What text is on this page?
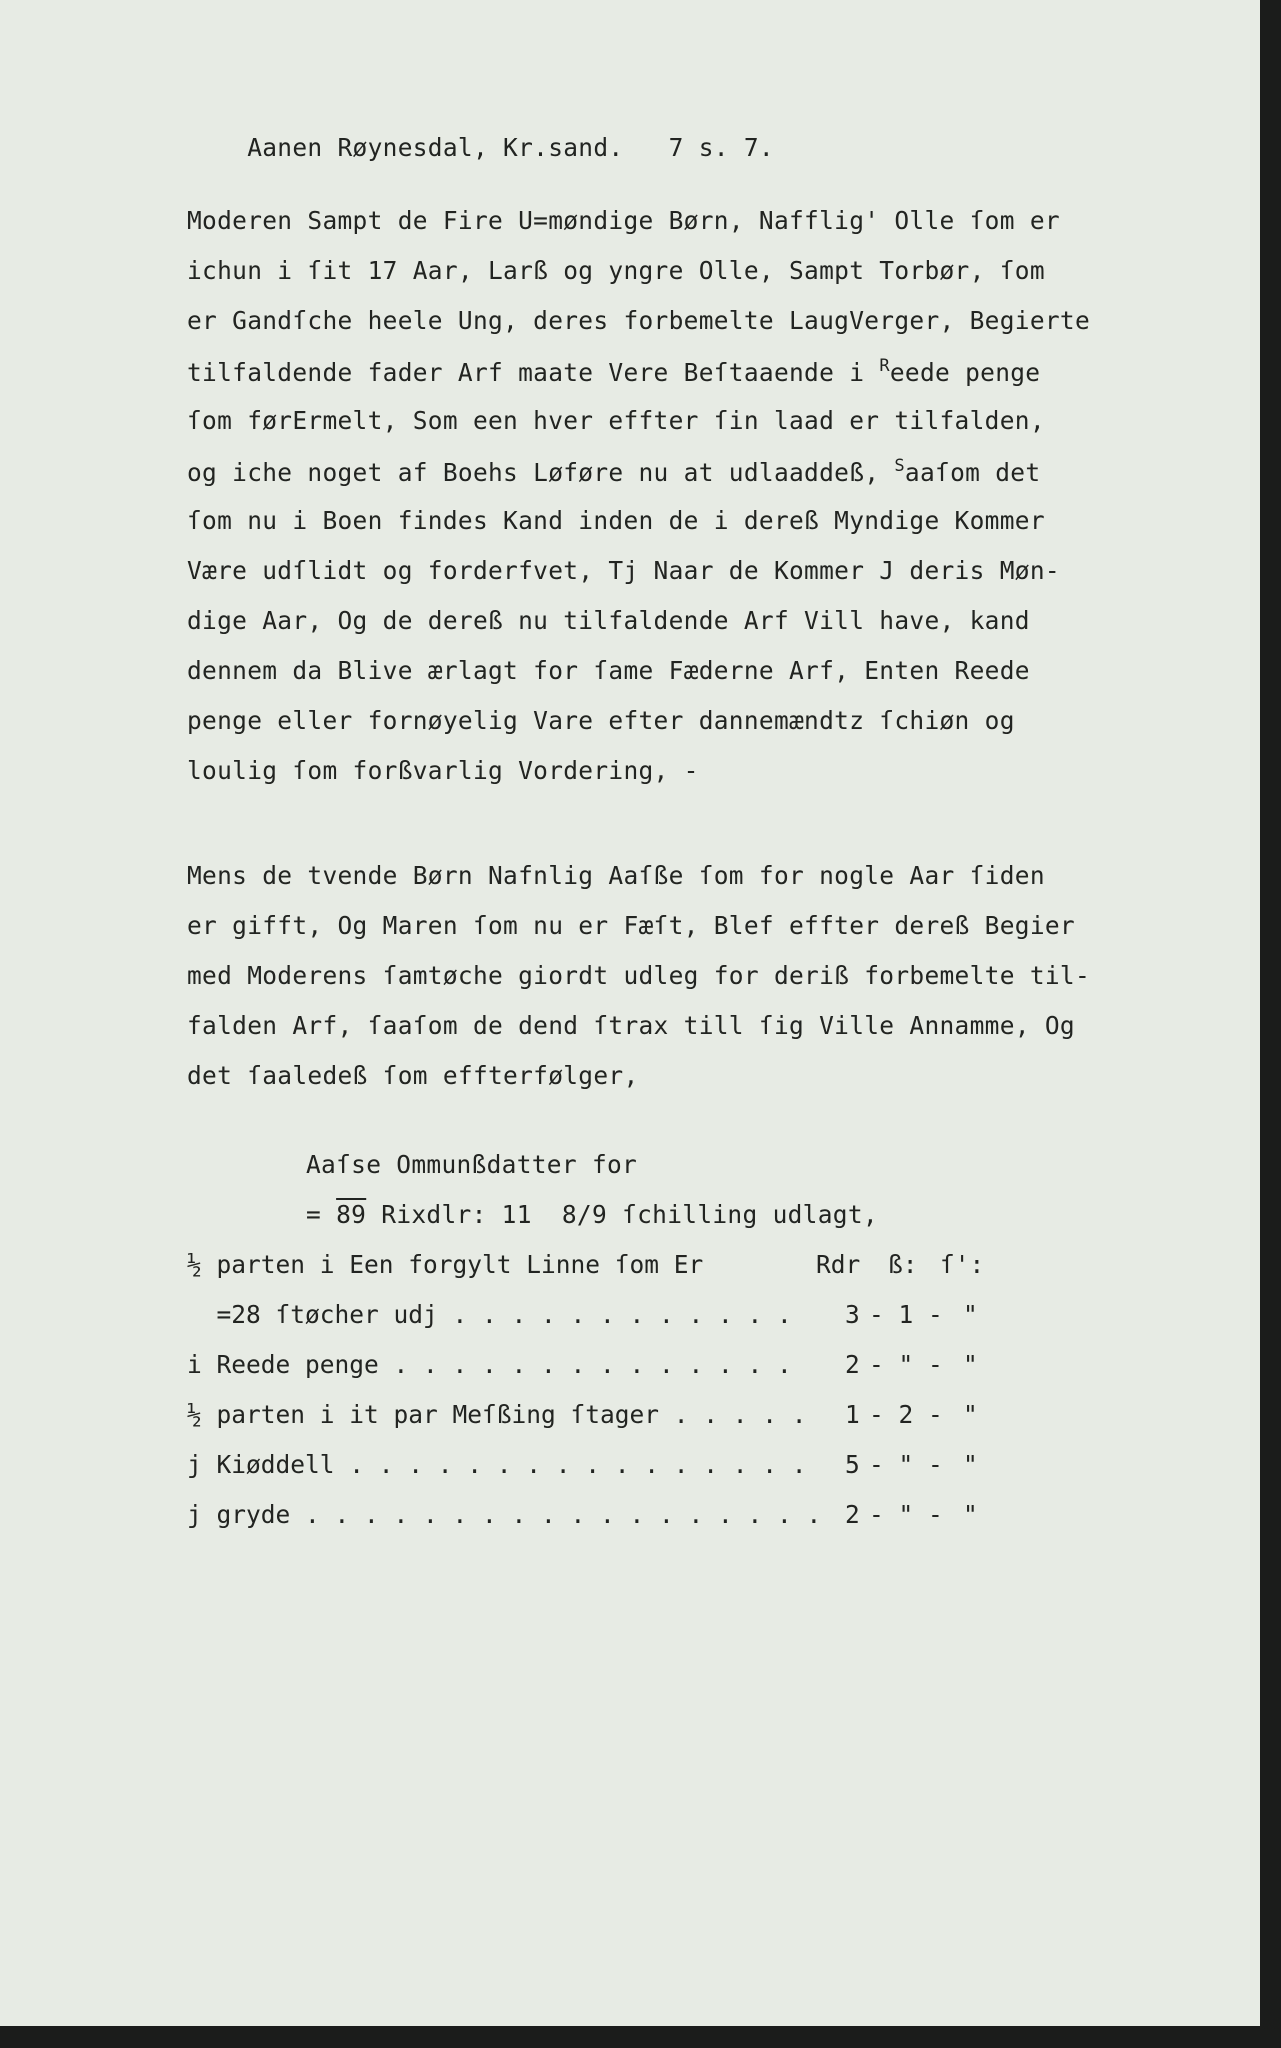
Aanen Røynesdal, Kr.sand. 7 s. 7.

Moderen Sampt de Fire U=møndige Børn, Nafflig' Olle ſom er
ichun i ſit 17 Aar, Larß og yngre Olle, Sampt Torbør, ſom
er Gandſche heele Ung, deres forbemelte LaugVerger, Begierte
tilfaldende fader Arf maate Vere Beſtaaende i $^R$eede penge
ſom førErmelt, Som een hver effter ſin laad er tilfalden,
og iche noget af Boehs Løføre nu at udlaaddeß, $^S$aaſom det
ſom nu i Boen findes Kand inden de i dereß Myndige Kommer
Være udſlidt og forderfvet, Tj Naar de Kommer J deris Møn-
dige Aar, Og de dereß nu tilfaldende Arf Vill have, kand
dennem da Blive ærlagt for ſame Fæderne Arf, Enten Reede
penge eller fornøyelig Vare efter dannemændtz ſchiøn og
loulig ſom forßvarlig Vordering, -
Mens de tvende Børn Nafnlig Aaſße ſom for nogle Aar ſiden
er gifft, Og Maren ſom nu er Fæſt, Blef effter dereß Begier
med Moderens ſamtøche giordt udleg for deriß forbemelte til-
falden Arf, ſaaſom de dend ſtrax till ſig Ville Annamme, Og
det ſaaledeß ſom effterfølger,
Aaſse Ommunßdatter for
= 89 Rixdlr: 11  8/9 ſchilling udlagt,
Rdr ß: ſ':
½ parten i Een forgylt Linne ſom Er
=28 ſtøcher udj . . . . . . . . . . . . 3 - 1 - "
i Reede penge . . . . . . . . . . . . . . 2 - " - "
½ parten i it par Meſßing ſtager . . . . . 1 - 2 - "
j Kiøddell . . . . . . . . . . . . . . . . 5 - " - "
j gryde . . . . . . . . . . . . . . . . . . 2 - " - "
